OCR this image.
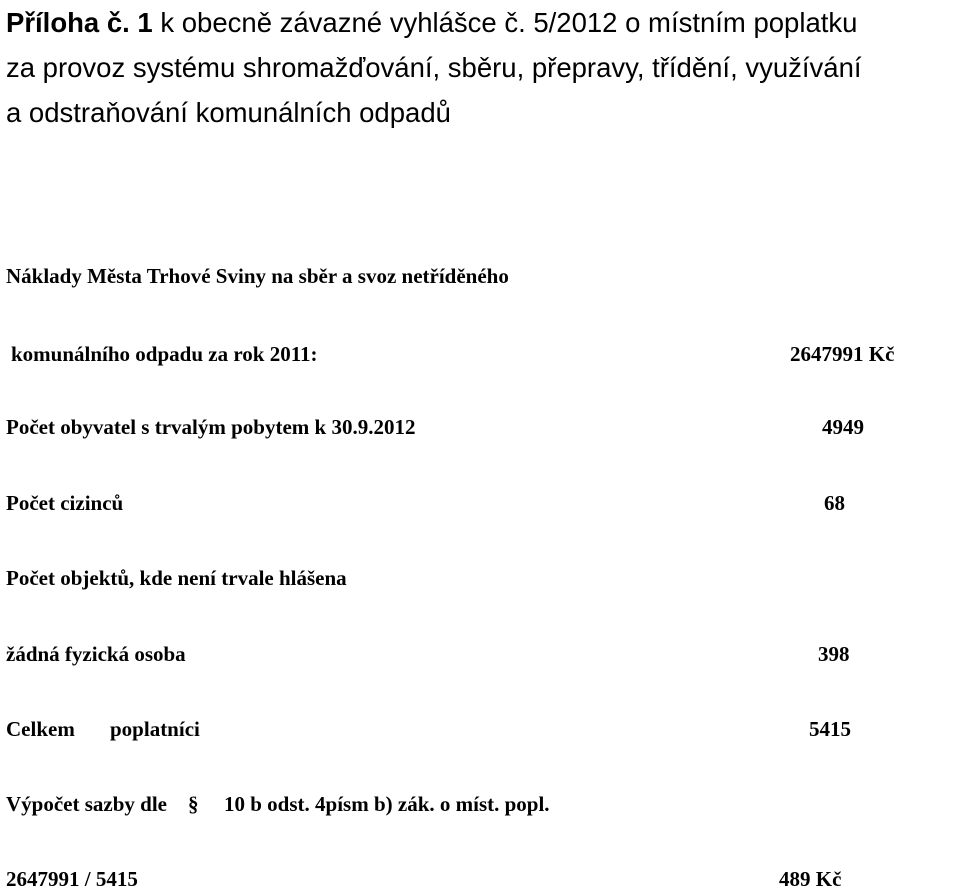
Příloha č. 1 k obecně závazné vyhlášce č. 5/2012 o místním poplatku
za provoz systému shromažďování, sběru, přepravy, třídění, využívání
a odstraňování komunálních odpadů
Náklady Města Trhové Sviny na sběr a svoz netříděného
komunálního odpadu za rok 2011:	2647991 Kč
Počet obyvatel s trvalým pobytem k 30.9.2012	4949
Počet cizinců	68
Počet objektů, kde není trvale hlášena
žádná fyzická osoba	398
Celkem poplatníci	5415
Výpočet sazby dle § 10 b odst. 4písm b) zák. o míst. popl.
2647991 / 5415	489 Kč
